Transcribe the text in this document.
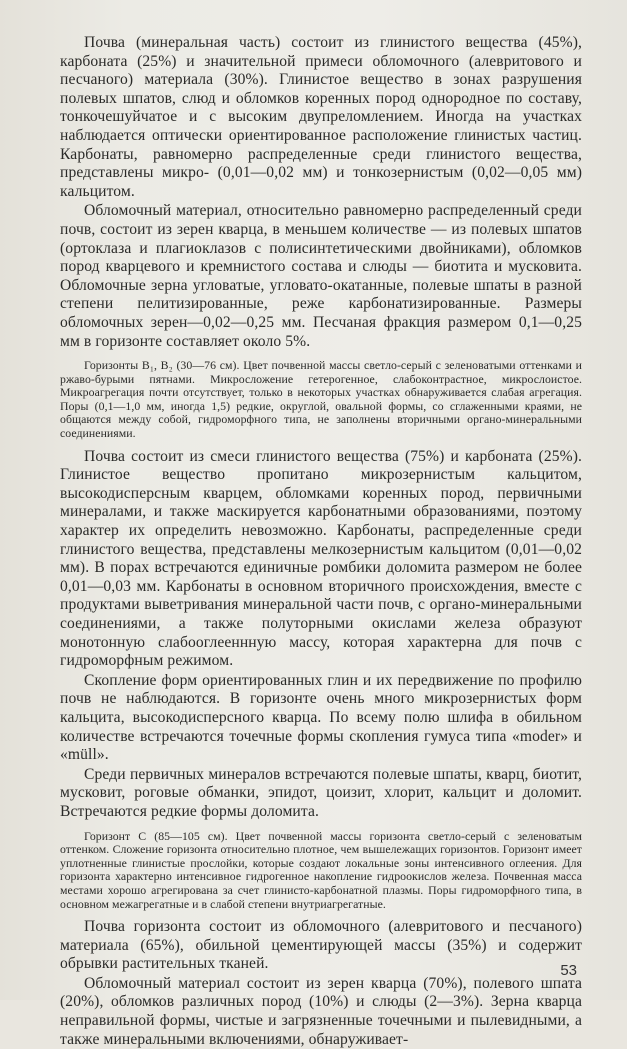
Почва (минеральная часть) состоит из глинистого вещества (45%), карбоната (25%) и значительной примеси обломочного (алевритового и песчаного) материала (30%). Глинистое вещество в зонах разрушения полевых шпатов, слюд и обломков коренных пород однородное по составу, тонкочешуйчатое и с высоким двупреломлением. Иногда на участках наблюдается оптически ориентированное расположение глинистых частиц. Карбонаты, равномерно распределенные среди глинистого вещества, представлены микро- (0,01—0,02 мм) и тонкозернистым (0,02—0,05 мм) кальцитом.

Обломочный материал, относительно равномерно распределенный среди почв, состоит из зерен кварца, в меньшем количестве — из полевых шпатов (ортоклаза и плагиоклазов с полисинтетическими двойниками), обломков пород кварцевого и кремнистого состава и слюды — биотита и мусковита. Обломочные зерна угловатые, угловато-окатанные, полевые шпаты в разной степени пелитизированные, реже карбонатизированные. Размеры обломочных зерен—0,02—0,25 мм. Песчаная фракция размером 0,1—0,25 мм в горизонте составляет около 5%.

Горизонты B₁, B₂ (30—76 см). Цвет почвенной массы светло-серый с зеленоватыми оттенками и ржаво-бурыми пятнами. Микросложение гетерогенное, слабоконтрастное, микрослоистое. Микроагрегация почти отсутствует, только в некоторых участках обнаруживается слабая агрегация. Поры (0,1—1,0 мм, иногда 1,5) редкие, округлой, овальной формы, со сглаженными краями, не общаются между собой, гидроморфного типа, не заполнены вторичными органо-минеральными соединениями.

Почва состоит из смеси глинистого вещества (75%) и карбоната (25%). Глинистое вещество пропитано микрозернистым кальцитом, высокодисперсным кварцем, обломками коренных пород, первичными минералами, и также маскируется карбонатными образованиями, поэтому характер их определить невозможно. Карбонаты, распределенные среди глинистого вещества, представлены мелкозернистым кальцитом (0,01—0,02 мм). В порах встречаются единичные ромбики доломита размером не более 0,01—0,03 мм. Карбонаты в основном вторичного происхождения, вместе с продуктами выветривания минеральной части почв, с органо-минеральными соединениями, а также полуторными окислами железа образуют монотонную слабооглееннную массу, которая характерна для почв с гидроморфным режимом.

Скопление форм ориентированных глин и их передвижение по профилю почв не наблюдаются. В горизонте очень много микрозернистых форм кальцита, высокодисперсного кварца. По всему полю шлифа в обильном количестве встречаются точечные формы скопления гумуса типа «moder» и «müll».

Среди первичных минералов встречаются полевые шпаты, кварц, биотит, мусковит, роговые обманки, эпидот, цоизит, хлорит, кальцит и доломит. Встречаются редкие формы доломита.

Горизонт C (85—105 см). Цвет почвенной массы горизонта светло-серый с зеленоватым оттенком. Сложение горизонта относительно плотное, чем вышележащих горизонтов. Горизонт имеет уплотненные глинистые прослойки, которые создают локальные зоны интенсивного оглеения. Для горизонта характерно интенсивное гидрогенное накопление гидроокислов железа. Почвенная масса местами хорошо агрегирована за счет глинисто-карбонатной плазмы. Поры гидроморфного типа, в основном межагрегатные и в слабой степени внутриагрегатные.

Почва горизонта состоит из обломочного (алевритового и песчаного) материала (65%), обильной цементирующей массы (35%) и содержит обрывки растительных тканей.

Обломочный материал состоит из зерен кварца (70%), полевого шпата (20%), обломков различных пород (10%) и слюды (2—3%). Зерна кварца неправильной формы, чистые и загрязненные точечными и пылевидными, а также минеральными включениями, обнаруживает-

53
